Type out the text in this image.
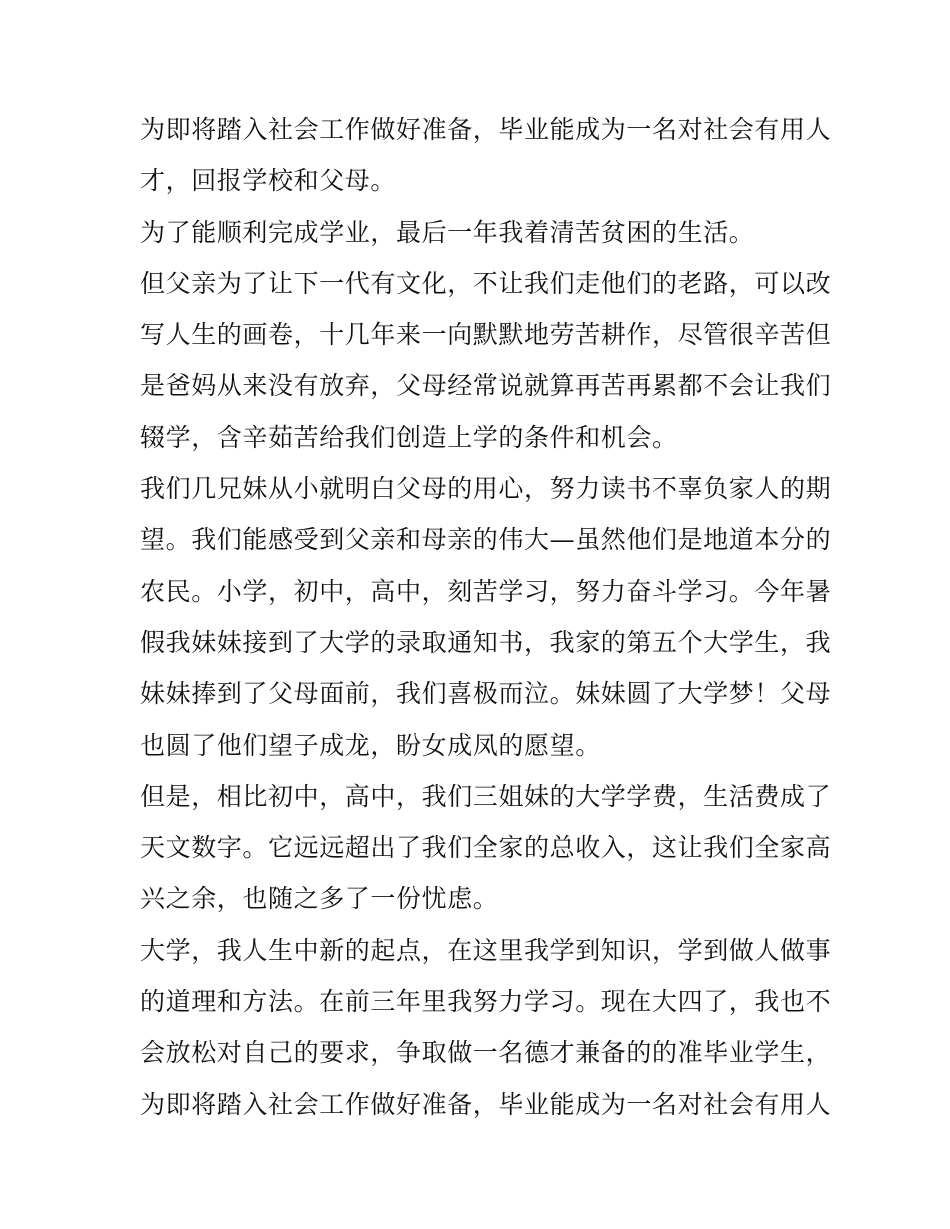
为即将踏入社会工作做好准备，毕业能成为一名对社会有用人
才，回报学校和父母。
为了能顺利完成学业，最后一年我着清苦贫困的生活。
但父亲为了让下一代有文化，不让我们走他们的老路，可以改
写人生的画卷，十几年来一向默默地劳苦耕作，尽管很辛苦但
是爸妈从来没有放弃，父母经常说就算再苦再累都不会让我们
辍学，含辛茹苦给我们创造上学的条件和机会。
我们几兄妹从小就明白父母的用心，努力读书不辜负家人的期
望。我们能感受到父亲和母亲的伟大—虽然他们是地道本分的
农民。小学，初中，高中，刻苦学习，努力奋斗学习。今年暑
假我妹妹接到了大学的录取通知书，我家的第五个大学生，我
妹妹捧到了父母面前，我们喜极而泣。妹妹圆了大学梦！父母
也圆了他们望子成龙，盼女成凤的愿望。
但是，相比初中，高中，我们三姐妹的大学学费，生活费成了
天文数字。它远远超出了我们全家的总收入，这让我们全家高
兴之余，也随之多了一份忧虑。
大学，我人生中新的起点，在这里我学到知识，学到做人做事
的道理和方法。在前三年里我努力学习。现在大四了，我也不
会放松对自己的要求，争取做一名德才兼备的的准毕业学生，
为即将踏入社会工作做好准备，毕业能成为一名对社会有用人
